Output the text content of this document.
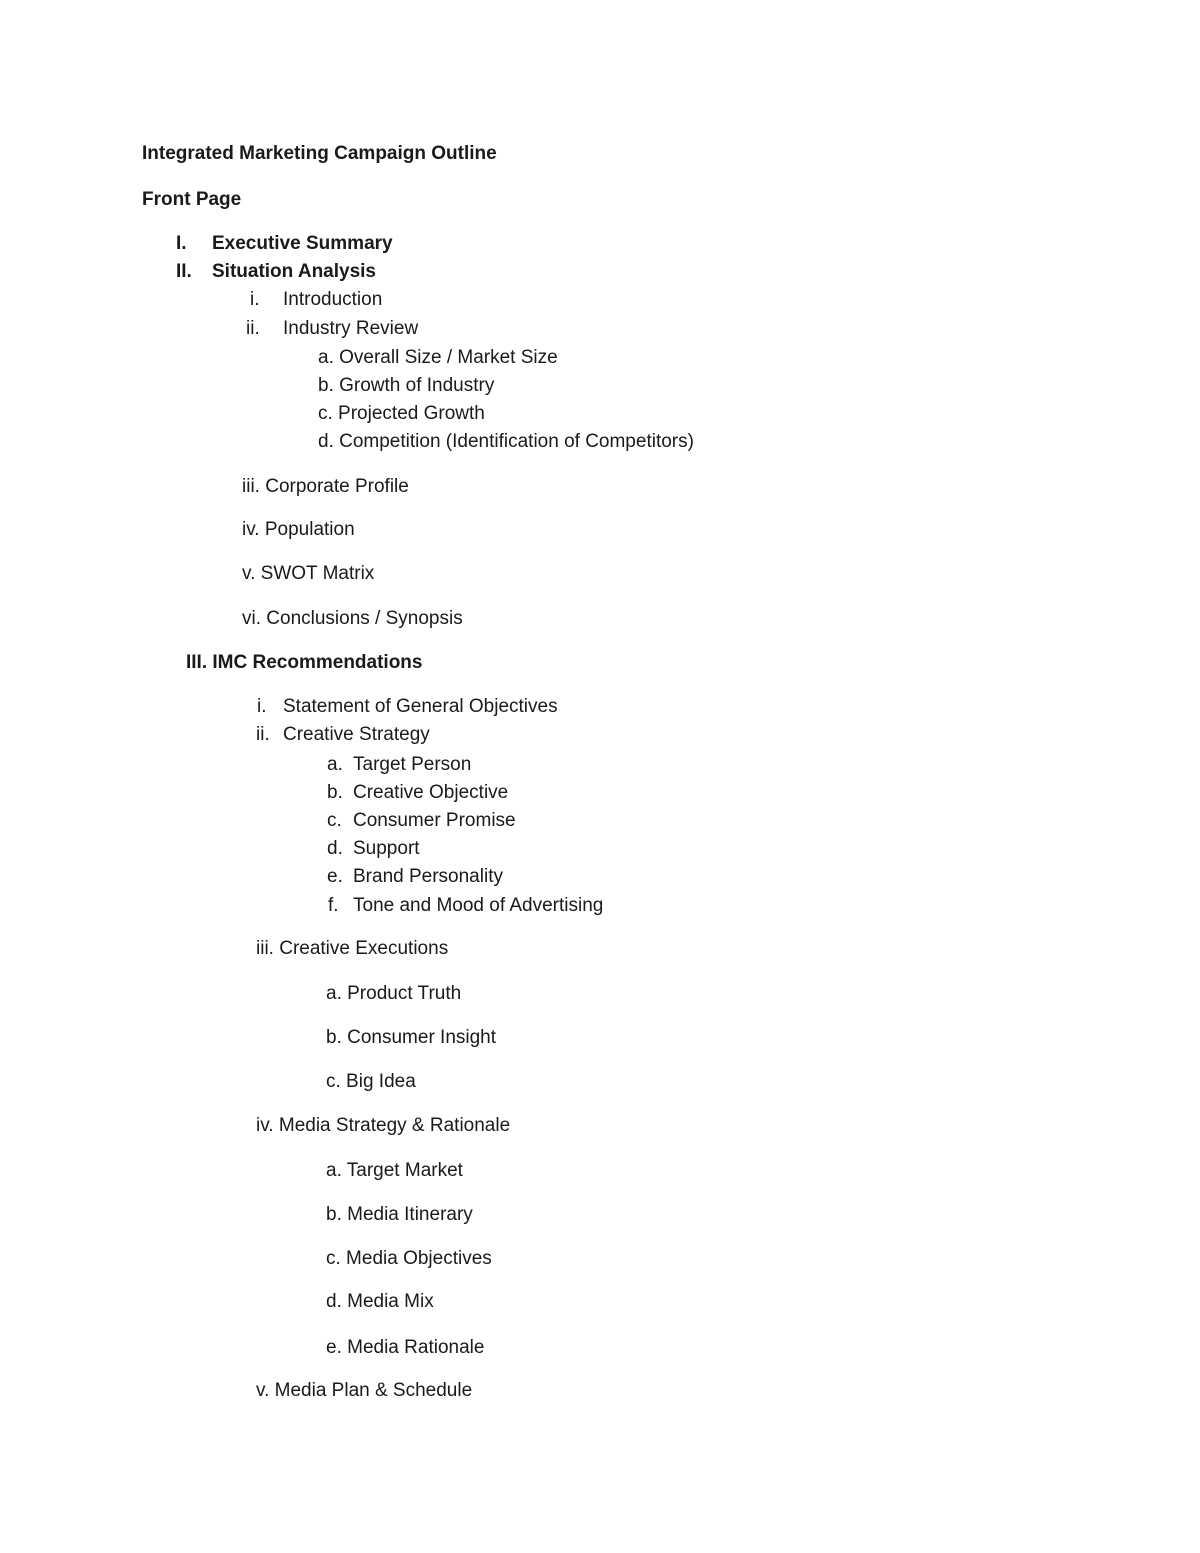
Integrated Marketing Campaign Outline
Front Page
I. Executive Summary
II. Situation Analysis
i. Introduction
ii. Industry Review
a. Overall Size / Market Size
b. Growth of Industry
c. Projected Growth
d. Competition (Identification of Competitors)
iii. Corporate Profile
iv. Population
v. SWOT Matrix
vi. Conclusions / Synopsis
III. IMC Recommendations
i. Statement of General Objectives
ii. Creative Strategy
a. Target Person
b. Creative Objective
c. Consumer Promise
d. Support
e. Brand Personality
f. Tone and Mood of Advertising
iii. Creative Executions
a. Product Truth
b. Consumer Insight
c. Big Idea
iv. Media Strategy & Rationale
a. Target Market
b. Media Itinerary
c. Media Objectives
d. Media Mix
e. Media Rationale
v. Media Plan & Schedule
